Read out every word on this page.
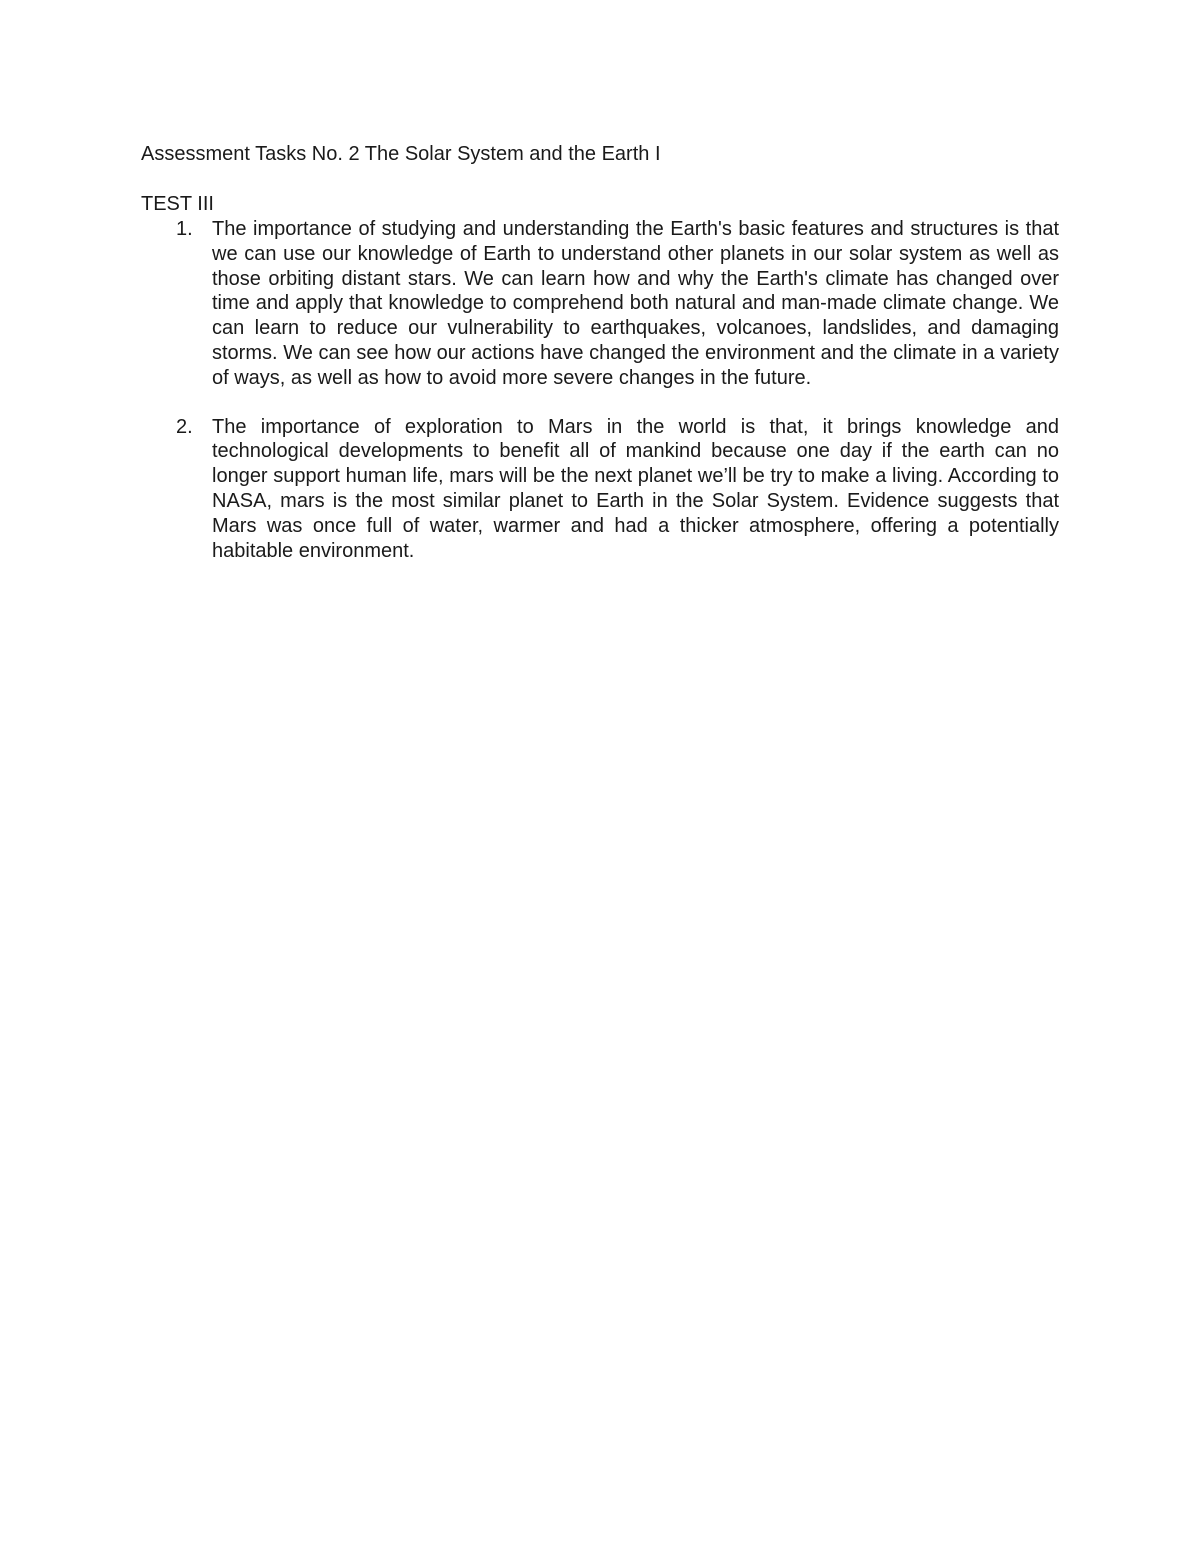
Assessment Tasks No. 2 The Solar System and the Earth I
TEST III
1. The importance of studying and understanding the Earth's basic features and structures is that we can use our knowledge of Earth to understand other planets in our solar system as well as those orbiting distant stars. We can learn how and why the Earth's climate has changed over time and apply that knowledge to comprehend both natural and man-made climate change. We can learn to reduce our vulnerability to earthquakes, volcanoes, landslides, and damaging storms. We can see how our actions have changed the environment and the climate in a variety of ways, as well as how to avoid more severe changes in the future.
2. The importance of exploration to Mars in the world is that, it brings knowledge and technological developments to benefit all of mankind because one day if the earth can no longer support human life, mars will be the next planet we’ll be try to make a living. According to NASA, mars is the most similar planet to Earth in the Solar System. Evidence suggests that Mars was once full of water, warmer and had a thicker atmosphere, offering a potentially habitable environment.
